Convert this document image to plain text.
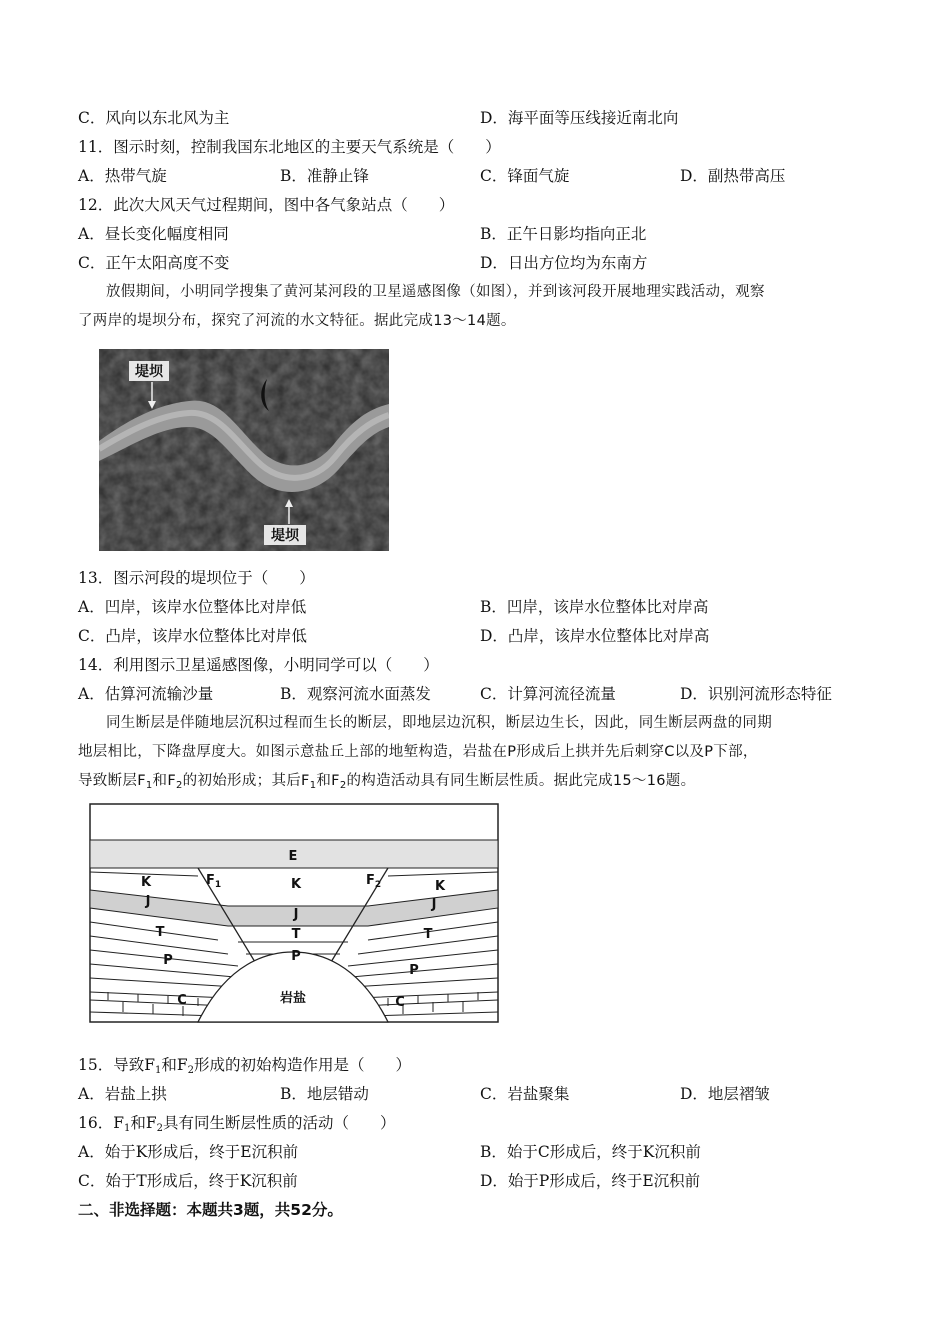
C．风向以东北风为主	D．海平面等压线接近南北向
11．图示时刻，控制我国东北地区的主要天气系统是（　　）
A．热带气旋	B．准静止锋	C．锋面气旋	D．副热带高压
12．此次大风天气过程期间，图中各气象站点（　　）
A．昼长变化幅度相同	B．正午日影均指向正北
C．正午太阳高度不变	D．日出方位均为东南方
放假期间，小明同学搜集了黄河某河段的卫星遥感图像（如图），并到该河段开展地理实践活动，观察
了两岸的堤坝分布，探究了河流的水文特征。据此完成13～14题。
堤坝
堤坝
13．图示河段的堤坝位于（　　）
A．凹岸，该岸水位整体比对岸低	B．凹岸，该岸水位整体比对岸高
C．凸岸，该岸水位整体比对岸低	D．凸岸，该岸水位整体比对岸高
14．利用图示卫星遥感图像，小明同学可以（　　）
A．估算河流输沙量	B．观察河流水面蒸发	C．计算河流径流量	D．识别河流形态特征
同生断层是伴随地层沉积过程而生长的断层，即地层边沉积，断层边生长，因此，同生断层两盘的同期
地层相比，下降盘厚度大。如图示意盐丘上部的地堑构造，岩盐在P形成后上拱并先后刺穿C以及P下部，
导致断层$F_1$和$F_2$的初始形成；其后$F_1$和$F_2$的构造活动具有同生断层性质。据此完成15～16题。
E
K	K	K
J
J
J
T	T	T
P	P
P
C	C
$F_1$	$F_2$
岩盐
15．导致$F_1$和$F_2$形成的初始构造作用是（　　）
A．岩盐上拱	B．地层错动	C．岩盐聚集	D．地层褶皱
16．$F_1$和$F_2$具有同生断层性质的活动（　　）
A．始于K形成后，终于E沉积前	B．始于C形成后，终于K沉积前
C．始于T形成后，终于K沉积前	D．始于P形成后，终于E沉积前
二、非选择题：本题共3题，共52分。
